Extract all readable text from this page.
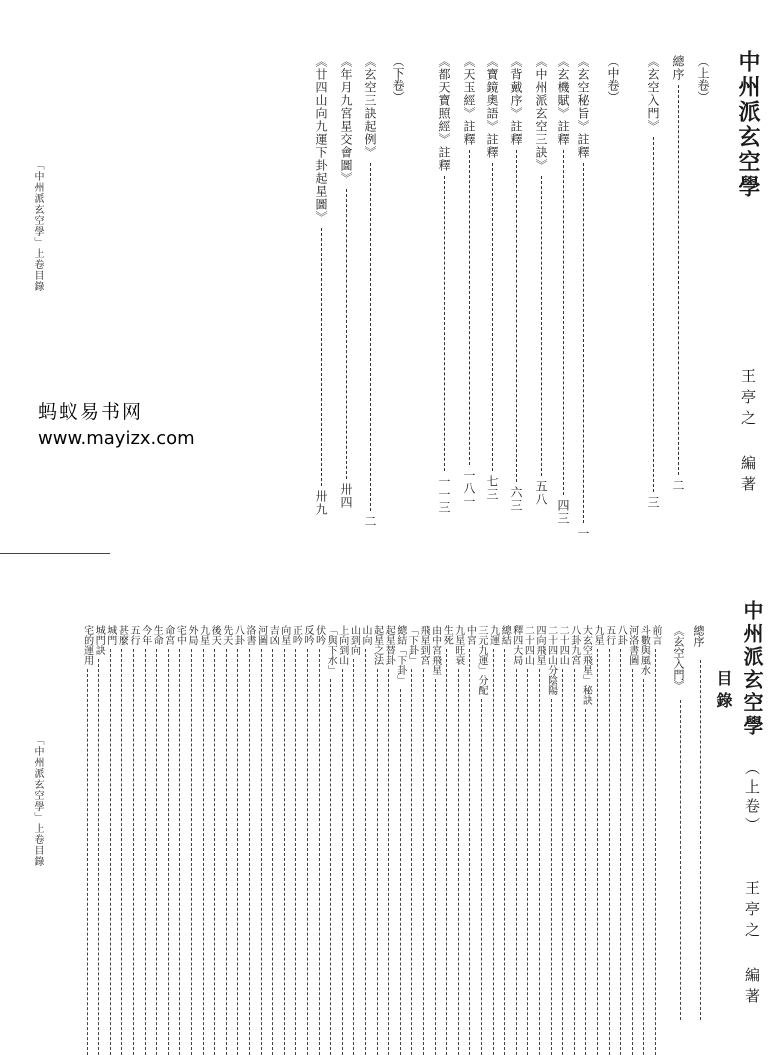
中州派玄空學
王亭之 編著
（上卷）
總序
二
《玄空入門》
三
（中卷）
《玄空秘旨》註釋
一
《玄機賦》註釋
四三
《中州派玄空三訣》
五八
《背戴序》註釋
六三
《寶鏡奧語》註釋
七三
《天玉經》註釋
一八一
《都天寶照經》註釋
一一三
（下卷）
《玄空三訣起例》
二
《年月九宮星交會圖》
卅四
《廿四山向九運下卦起星圖》
卅九
「中州派玄空學」上卷目錄
蚂蚁易书网
www.mayizx.com
中州派玄空學
目錄
（上卷）
王亭之 編著
總序
《玄空入門》
前言
斗數與風水
河洛書圖
八卦
五行
九星
大玄空飛星」秘訣
八卦九宮
二十四山
二十四山分陰陽
四向飛星
二十四山
釋四大局
總結
九運
三元九運」分配
中宮
九星旺衰
生死
由中宮飛星
飛星到宮
「下卦」
總結「下卦」
起星替卦
起星之法
山向
山到向
上向到山
「與下水」
伏吟
反吟
正吟
向星
吉凶
河圖
洛書
八卦
先天
後天
九星
外局
宅中
命宮
生命
今年
五行
甚麼
城門
城門訣
宅的運用
「中州派玄空學」上卷目錄
